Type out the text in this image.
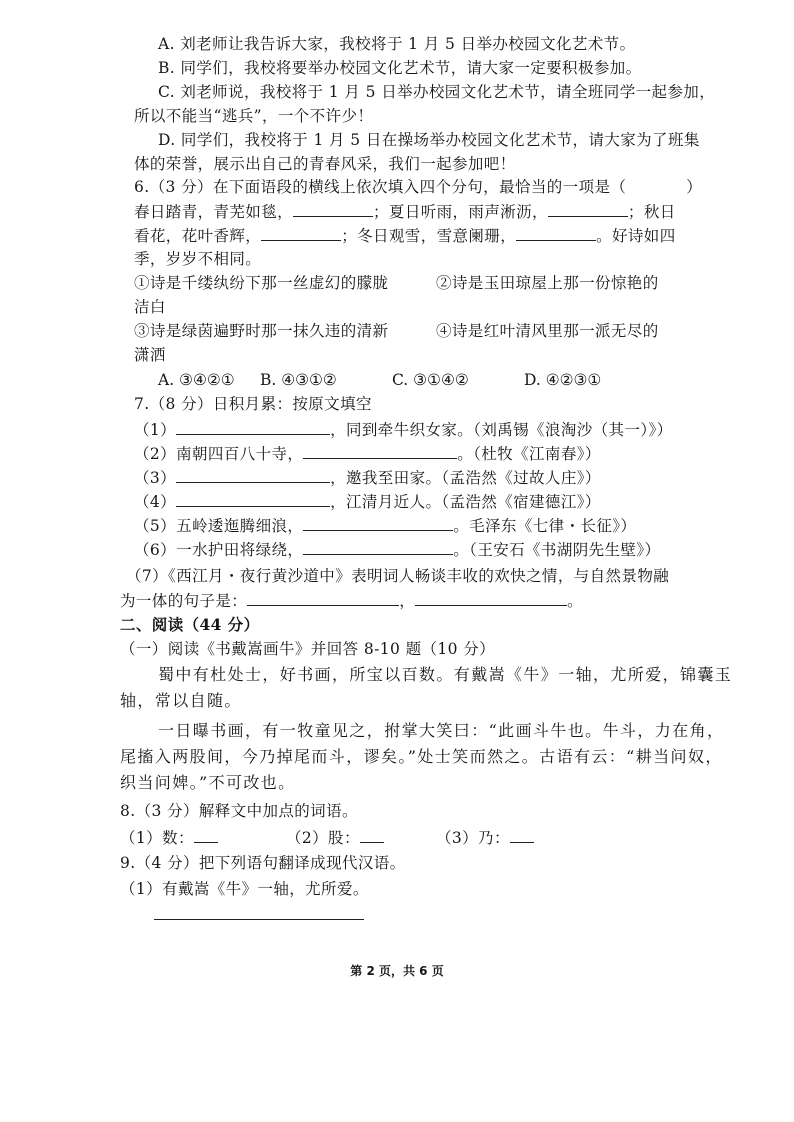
A. 刘老师让我告诉大家，我校将于 1 月 5 日举办校园文化艺术节。
B. 同学们，我校将要举办校园文化艺术节，请大家一定要积极参加。
C. 刘老师说，我校将于 1 月 5 日举办校园文化艺术节，请全班同学一起参加，
所以不能当“逃兵”，一个不许少！
D. 同学们，我校将于 1 月 5 日在操场举办校园文化艺术节，请大家为了班集
体的荣誉，展示出自己的青春风采，我们一起参加吧！
6.（3 分）在下面语段的横线上依次填入四个分句，最恰当的一项是（	）
春日踏青，青芜如毯，	；夏日听雨，雨声淅沥，	；秋日
看花，花叶香辉，	；冬日观雪，雪意阑珊，	。好诗如四
季，岁岁不相同。
①诗是千缕纨纷下那一丝虚幻的朦胧	②诗是玉田琼屋上那一份惊艳的
洁白
③诗是绿茵遍野时那一抹久违的清新	④诗是红叶清风里那一派无尽的
潇洒
A. ③④②① B. ④③①②	C. ③①④②	D. ④②③①
7.（8 分）日积月累：按原文填空
（1）	，同到牵牛织女家。（刘禹锡《浪淘沙（其一）》）
（2）南朝四百八十寺，	。（杜牧《江南春》）
（3）	，邀我至田家。（孟浩然《过故人庄》）
（4）	，江清月近人。（孟浩然《宿建德江》）
（5）五岭逶迤腾细浪，	。毛泽东《七律・长征》）
（6）一水护田将绿绕，	。（王安石《书湖阴先生壁》）
（7）《西江月・夜行黄沙道中》表明词人畅谈丰收的欢快之情，与自然景物融
为一体的句子是：	，	。
二、阅读（44 分）
（一）阅读《书戴嵩画牛》并回答 8-10 题（10 分）
蜀中有杜处士，好书画，所宝以百数。有戴嵩《牛》一轴，尤所爱，锦囊玉
轴，常以自随。
一日曝书画，有一牧童见之，拊掌大笑曰：“此画斗牛也。牛斗，力在角，
尾搐入两股间，今乃掉尾而斗，谬矣。”处士笑而然之。古语有云：“耕当问奴，
织当问婢。”不可改也。
8.（3 分）解释文中加点的词语。
（1）数：	（2）股：	（3）乃：
9.（4 分）把下列语句翻译成现代汉语。
（1）有戴嵩《牛》一轴，尤所爱。
第 2 页，共 6 页
